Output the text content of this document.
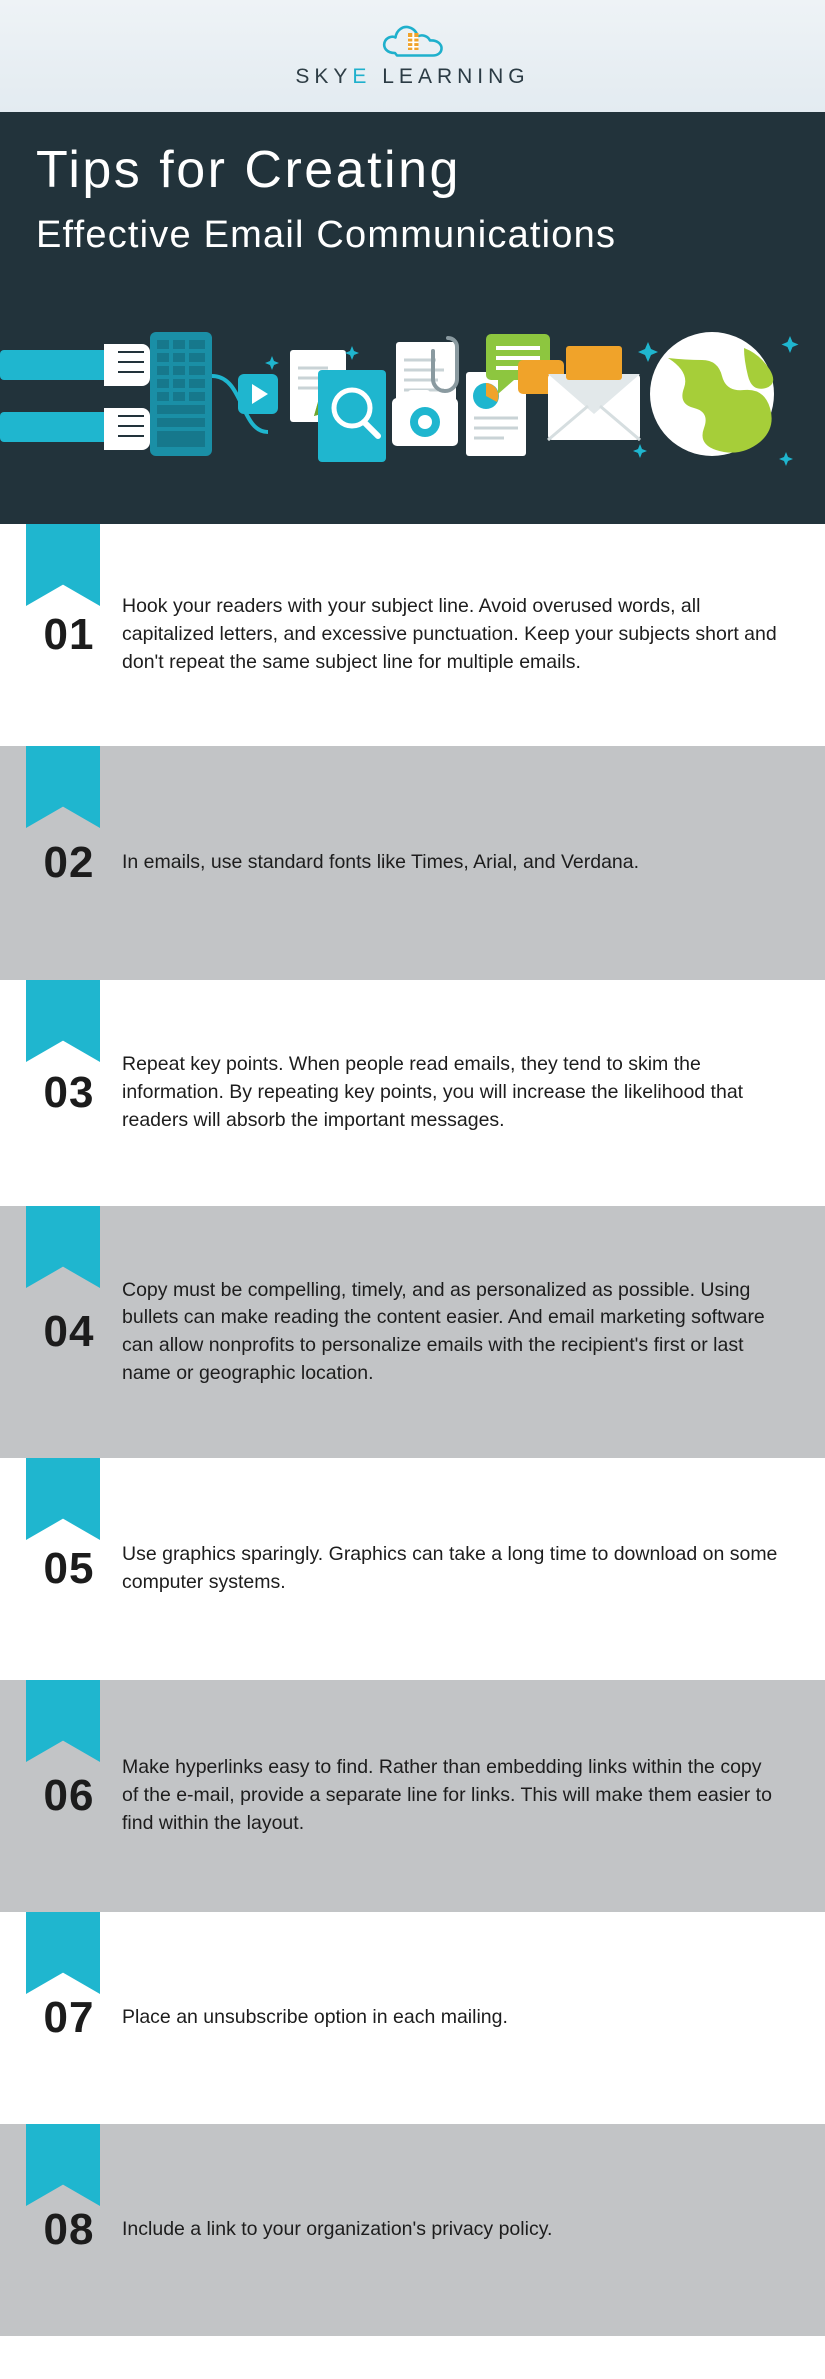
SKYE LEARNING
Tips for Creating
Effective Email Communications
01
Hook your readers with your subject line. Avoid overused words, all capitalized letters, and excessive punctuation. Keep your subjects short and don't repeat the same subject line for multiple emails.
02	In emails, use standard fonts like Times, Arial, and Verdana.
03
Repeat key points. When people read emails, they tend to skim the information. By repeating key points, you will increase the likelihood that readers will absorb the important messages.
04
Copy must be compelling, timely, and as personalized as possible. Using bullets can make reading the content easier. And email marketing software can allow nonprofits to personalize emails with the recipient's first or last name or geographic location.
05	Use graphics sparingly. Graphics can take a long time to download on some computer systems.
06
Make hyperlinks easy to find. Rather than embedding links within the copy of the e-mail, provide a separate line for links. This will make them easier to find within the layout.
07	Place an unsubscribe option in each mailing.
08	Include a link to your organization's privacy policy.
